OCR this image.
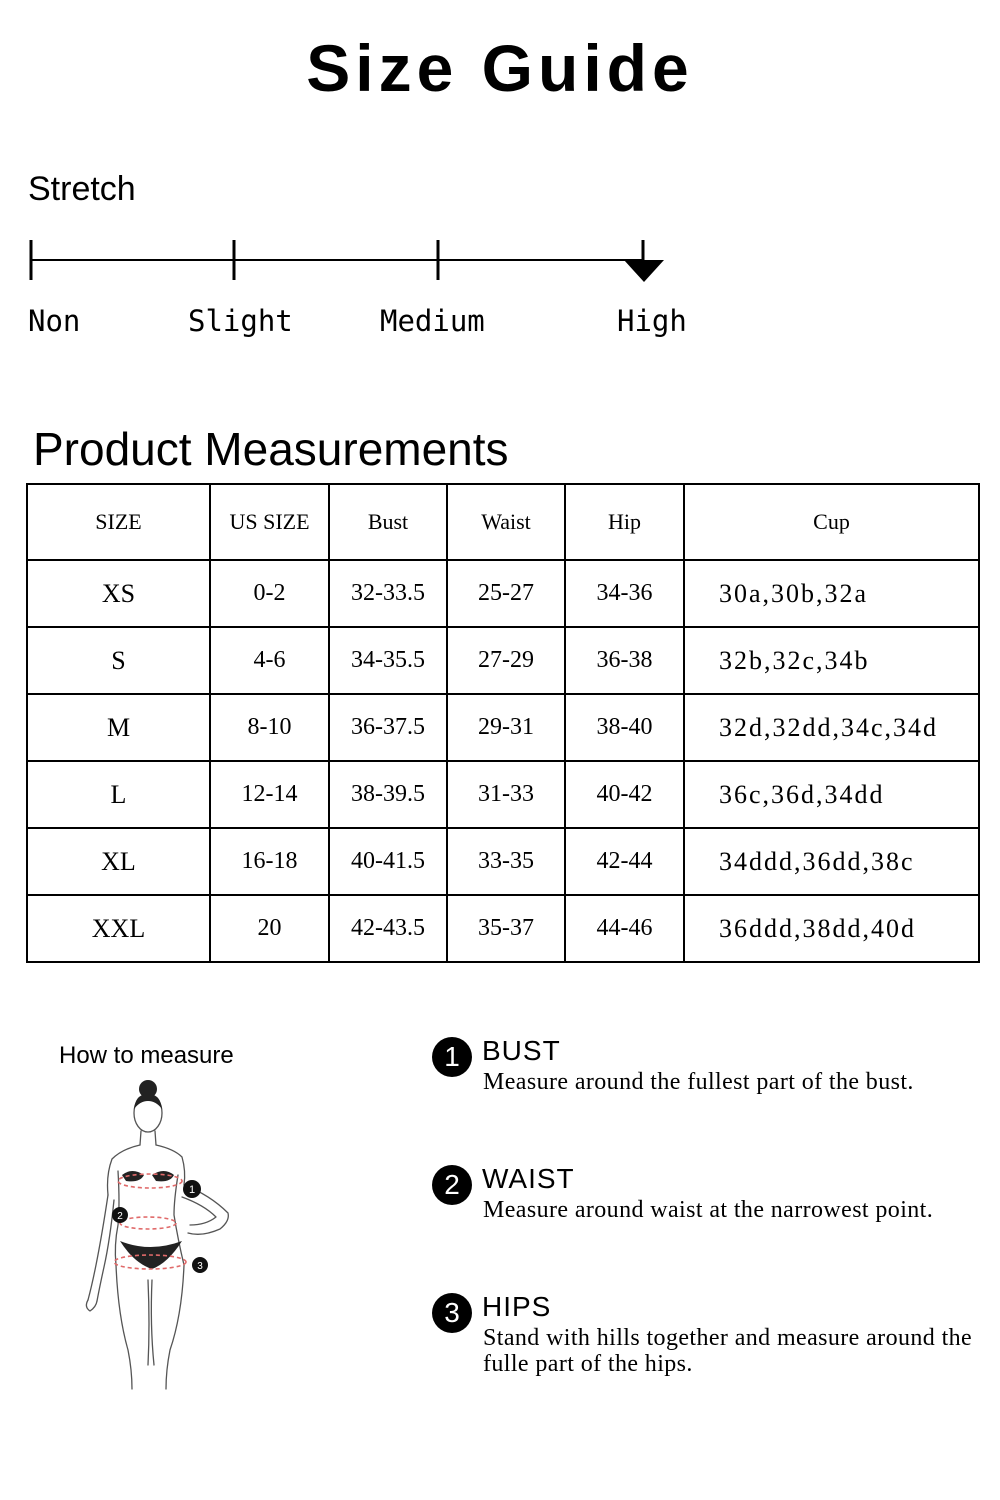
Size Guide
Stretch
Non	Slight	Medium	High
Product Measurements
SIZE	US SIZE	Bust	Waist	Hip	Cup
XS	0-2	32-33.5	25-27	34-36	30a,30b,32a
S	4-6	34-35.5	27-29	36-38	32b,32c,34b
M	8-10	36-37.5	29-31	38-40	32d,32dd,34c,34d
L	12-14	38-39.5	31-33	40-42	36c,36d,34dd
XL	16-18	40-41.5	33-35	42-44	34ddd,36dd,38c
XXL	20	42-43.5	35-37	44-46	36ddd,38dd,40d
How to measure
1
2
3
1 BUST
Measure around the fullest part of the bust.
2 WAIST
Measure around waist at the narrowest point.
3 HIPS
Stand with hills together and measure around the fulle part of the hips.
